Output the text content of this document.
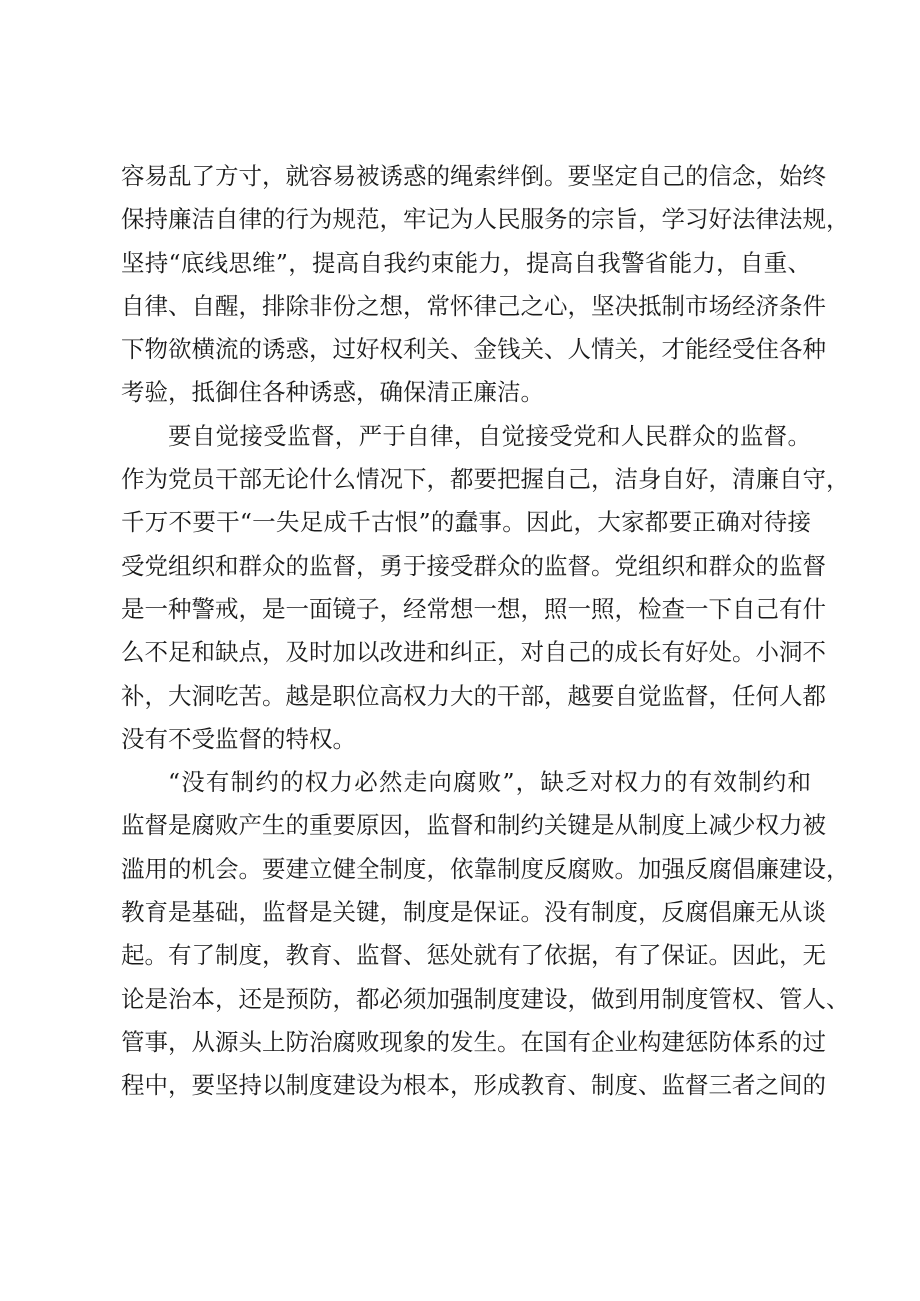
容易乱了方寸，就容易被诱惑的绳索绊倒。要坚定自己的信念，始终
保持廉洁自律的行为规范，牢记为人民服务的宗旨，学习好法律法规，
坚持“底线思维”，提高自我约束能力，提高自我警省能力，自重、
自律、自醒，排除非份之想，常怀律己之心，坚决抵制市场经济条件
下物欲横流的诱惑，过好权利关、金钱关、人情关，才能经受住各种
考验，抵御住各种诱惑，确保清正廉洁。
要自觉接受监督，严于自律，自觉接受党和人民群众的监督。
作为党员干部无论什么情况下，都要把握自己，洁身自好，清廉自守，
千万不要干“一失足成千古恨”的蠢事。因此，大家都要正确对待接
受党组织和群众的监督，勇于接受群众的监督。党组织和群众的监督
是一种警戒，是一面镜子，经常想一想，照一照，检查一下自己有什
么不足和缺点，及时加以改进和纠正，对自己的成长有好处。小洞不
补，大洞吃苦。越是职位高权力大的干部，越要自觉监督，任何人都
没有不受监督的特权。
“没有制约的权力必然走向腐败”，缺乏对权力的有效制约和
监督是腐败产生的重要原因，监督和制约关键是从制度上减少权力被
滥用的机会。要建立健全制度，依靠制度反腐败。加强反腐倡廉建设，
教育是基础，监督是关键，制度是保证。没有制度，反腐倡廉无从谈
起。有了制度，教育、监督、惩处就有了依据，有了保证。因此，无
论是治本，还是预防，都必须加强制度建设，做到用制度管权、管人、
管事，从源头上防治腐败现象的发生。在国有企业构建惩防体系的过
程中，要坚持以制度建设为根本，形成教育、制度、监督三者之间的
